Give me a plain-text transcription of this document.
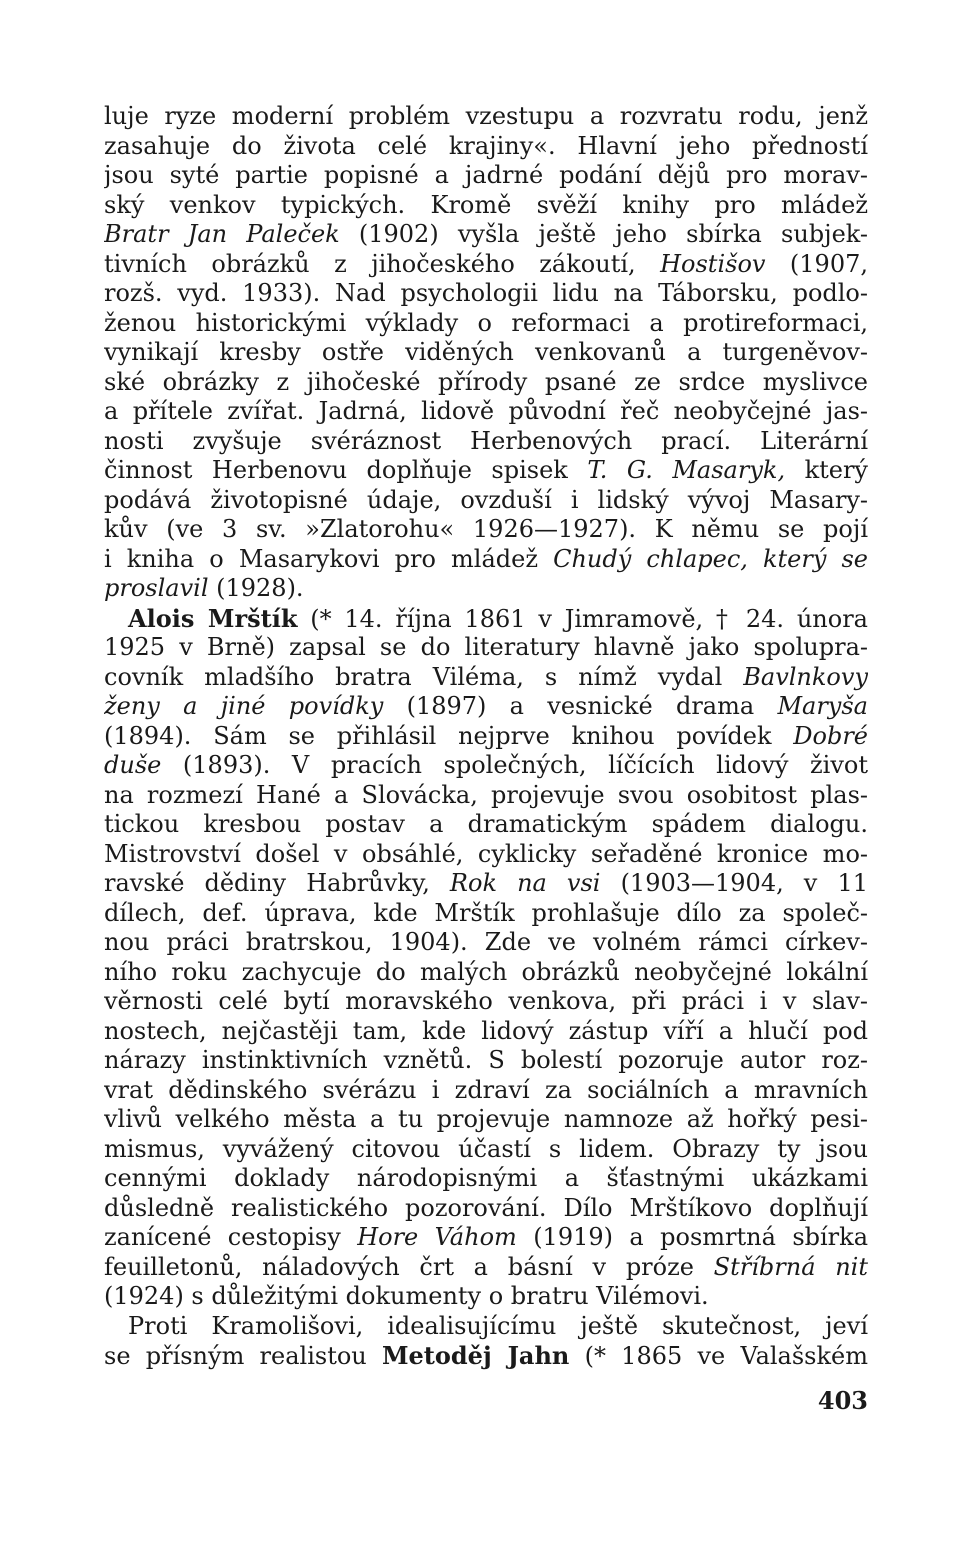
luje ryze moderní problém vzestupu a rozvratu rodu, jenž
zasahuje do života celé krajiny«. Hlavní jeho předností
jsou syté partie popisné a jadrné podání dějů pro morav-
ský venkov typických. Kromě svěží knihy pro mládež
Bratr Jan Paleček (1902) vyšla ještě jeho sbírka subjek-
tivních obrázků z jihočeského zákoutí, Hostišov (1907,
rozš. vyd. 1933). Nad psychologii lidu na Táborsku, podlo-
ženou historickými výklady o reformaci a protireformaci,
vynikají kresby ostře viděných venkovanů a turgeněvov-
ské obrázky z jihočeské přírody psané ze srdce myslivce
a přítele zvířat. Jadrná, lidově původní řeč neobyčejné jas-
nosti zvyšuje svéráznost Herbenových prací. Literární
činnost Herbenovu doplňuje spisek T. G. Masaryk, který
podává životopisné údaje, ovzduší i lidský vývoj Masary-
kův (ve 3 sv. »Zlatorohu« 1926—1927). K němu se pojí
i kniha o Masarykovi pro mládež Chudý chlapec, který se
proslavil (1928).
Alois Mrštík (* 14. října 1861 v Jimramově, † 24. února
1925 v Brně) zapsal se do literatury hlavně jako spolupra-
covník mladšího bratra Viléma, s nímž vydal Bavlnkovy
ženy a jiné povídky (1897) a vesnické drama Maryša
(1894). Sám se přihlásil nejprve knihou povídek Dobré
duše (1893). V pracích společných, líčících lidový život
na rozmezí Hané a Slovácka, projevuje svou osobitost plas-
tickou kresbou postav a dramatickým spádem dialogu.
Mistrovství došel v obsáhlé, cyklicky seřaděné kronice mo-
ravské dědiny Habrůvky, Rok na vsi (1903—1904, v 11
dílech, def. úprava, kde Mrštík prohlašuje dílo za společ-
nou práci bratrskou, 1904). Zde ve volném rámci církev-
ního roku zachycuje do malých obrázků neobyčejné lokální
věrnosti celé bytí moravského venkova, při práci i v slav-
nostech, nejčastěji tam, kde lidový zástup víří a hlučí pod
nárazy instinktivních vznětů. S bolestí pozoruje autor roz-
vrat dědinského svérázu i zdraví za sociálních a mravních
vlivů velkého města a tu projevuje namnoze až hořký pesi-
mismus, vyvážený citovou účastí s lidem. Obrazy ty jsou
cennými doklady národopisnými a šťastnými ukázkami
důsledně realistického pozorování. Dílo Mrštíkovo doplňují
zanícené cestopisy Hore Váhom (1919) a posmrtná sbírka
feuilletonů, náladových črt a básní v próze Stříbrná nit
(1924) s důležitými dokumenty o bratru Vilémovi.
Proti Kramolišovi, idealisujícímu ještě skutečnost, jeví
se přísným realistou Metoděj Jahn (* 1865 ve Valašském
403
